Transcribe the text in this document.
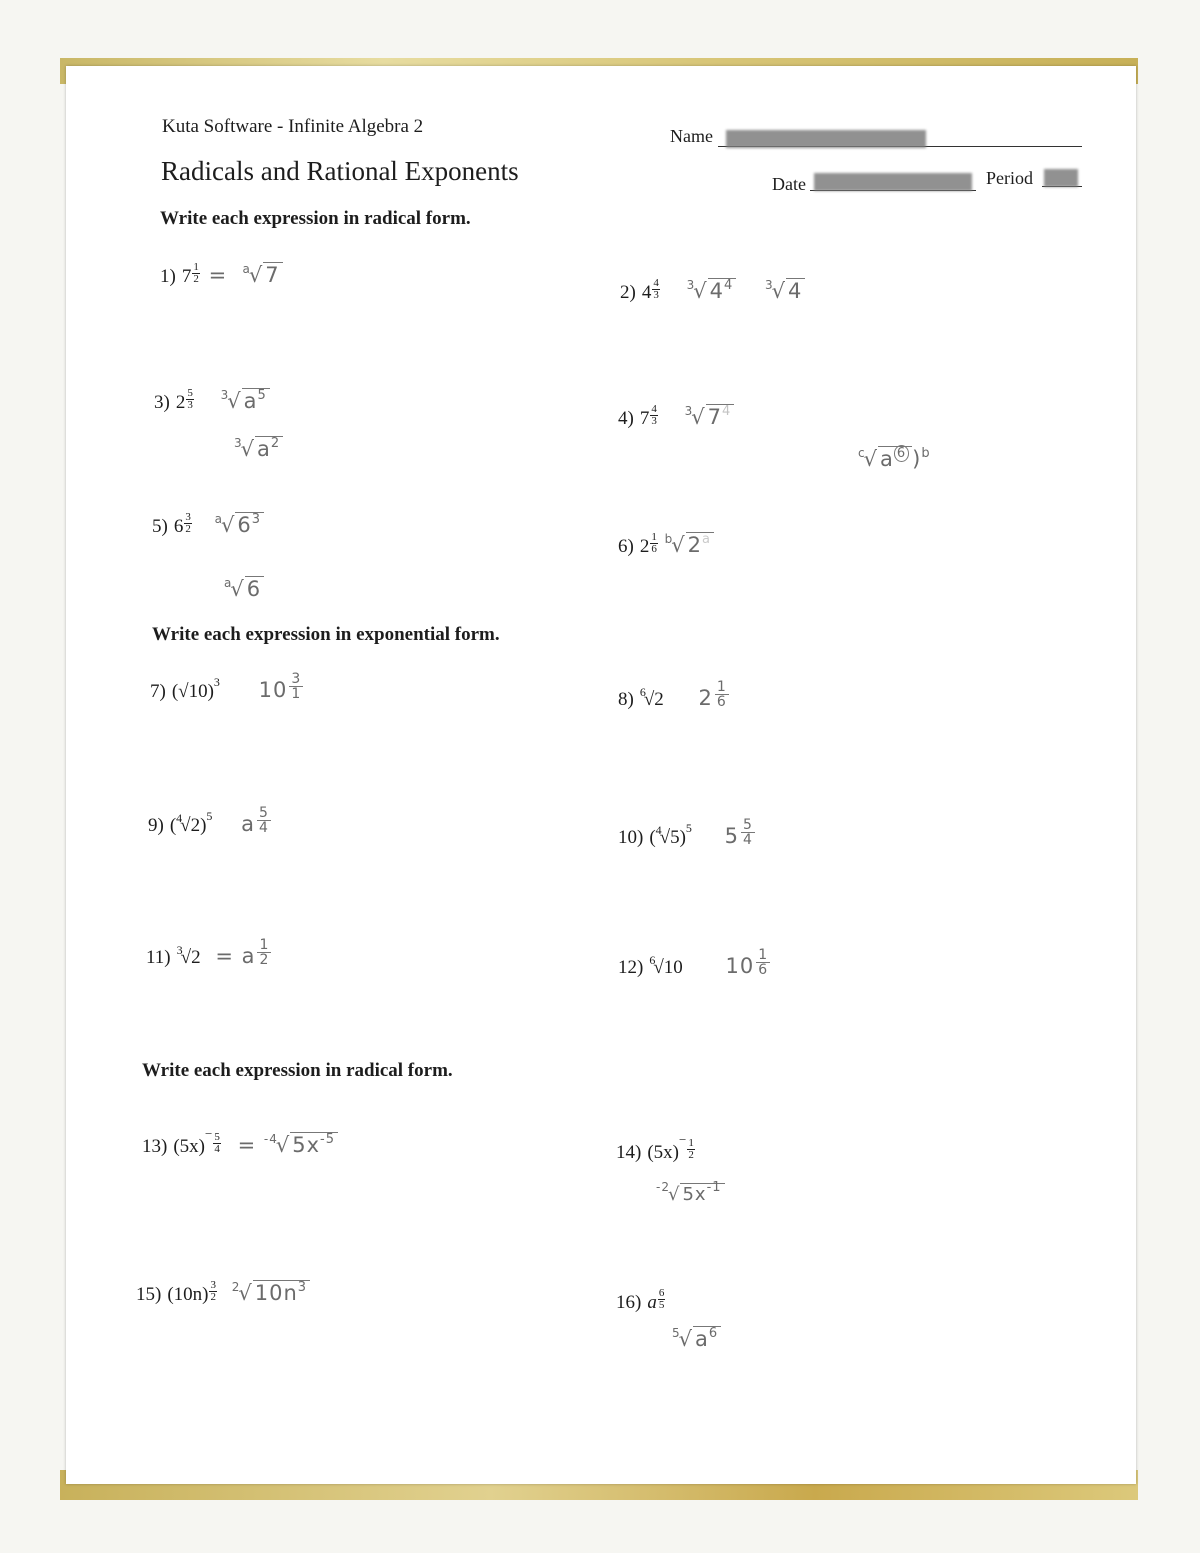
Kuta Software - Infinite Algebra 2
Radicals and Rational Exponents
Name
Date	Period
Write each expression in radical form.
1) $7 \frac{1}{2} = ^a√7$
2) $4 \frac{4}{3} ^3√4^4$	$^3$√4
3) $2 \frac{5}{3} ^3√a^5$
$^3√a^2$
4) $7 \frac{4}{3} ^3√7^4$
$^c$√a $^6$ )$^b$
5) $6 \frac{3}{2} ^a√6^3$
$^a$√6
6) $2 \frac{1}{6} ^b√2^a$
Write each expression in exponential form.
7) $(√10)^3$ $10 \frac{3}{1}$	8) $^6$√2 $2 \frac{1}{6}$
9) $(^4√2)^5$ a $\frac{5}{4}$
10) $(^4√5)^5$ $5 \frac{5}{4}$
11) $^3$√2 = a $\frac{1}{2}$
12) $^6$√10 $10 \frac{1}{6}$
Write each expression in radical form.
13) $(5x)^- \frac{5}{4} = ^{-4}√5x^{-5}$
14) $(5x)^- \frac{1}{2}$
$^{-2}$√ $5x^{-1}$
15) $(10n) \frac{3}{2} ^2√10n^3$
16) a $\frac{6}{5}$
$^5√a^6$
